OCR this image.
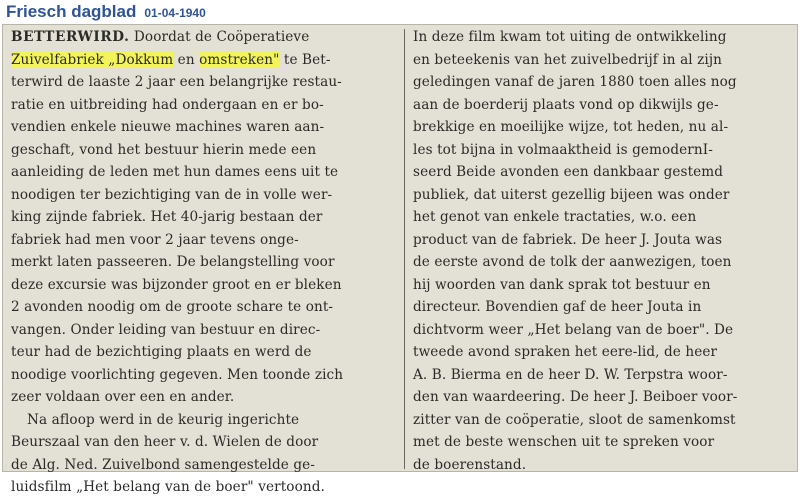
Friesch dagblad 01-04-1940
BETTERWIRD. Doordat de Coöperatieve
Zuivelfabriek „Dokkum en omstreken" te Bet-
terwird de laaste 2 jaar een belangrijke restau-
ratie en uitbreiding had ondergaan en er bo-
vendien enkele nieuwe machines waren aan-
geschaft, vond het bestuur hierin mede een
aanleiding de leden met hun dames eens uit te
noodigen ter bezichtiging van de in volle wer-
king zijnde fabriek. Het 40-jarig bestaan der
fabriek had men voor 2 jaar tevens onge-
merkt laten passeeren. De belangstelling voor
deze excursie was bijzonder groot en er bleken
2 avonden noodig om de groote schare te ont-
vangen. Onder leiding van bestuur en direc-
teur had de bezichtiging plaats en werd de
noodige voorlichting gegeven. Men toonde zich
zeer voldaan over een en ander.
Na afloop werd in de keurig ingerichte
Beurszaal van den heer v. d. Wielen de door
de Alg. Ned. Zuivelbond samengestelde ge-
luidsfilm „Het belang van de boer" vertoond.
In deze film kwam tot uiting de ontwikkeling
en beteekenis van het zuivelbedrijf in al zijn
geledingen vanaf de jaren 1880 toen alles nog
aan de boerderij plaats vond op dikwijls ge-
brekkige en moeilijke wijze, tot heden, nu al-
les tot bijna in volmaaktheid is gemodernI-
seerd Beide avonden een dankbaar gestemd
publiek, dat uiterst gezellig bijeen was onder
het genot van enkele tractaties, w.o. een
product van de fabriek. De heer J. Jouta was
de eerste avond de tolk der aanwezigen, toen
hij woorden van dank sprak tot bestuur en
directeur. Bovendien gaf de heer Jouta in
dichtvorm weer „Het belang van de boer". De
tweede avond spraken het eere-lid, de heer
A. B. Bierma en de heer D. W. Terpstra woor-
den van waardeering. De heer J. Beiboer voor-
zitter van de coöperatie, sloot de samenkomst
met de beste wenschen uit te spreken voor
de boerenstand.
